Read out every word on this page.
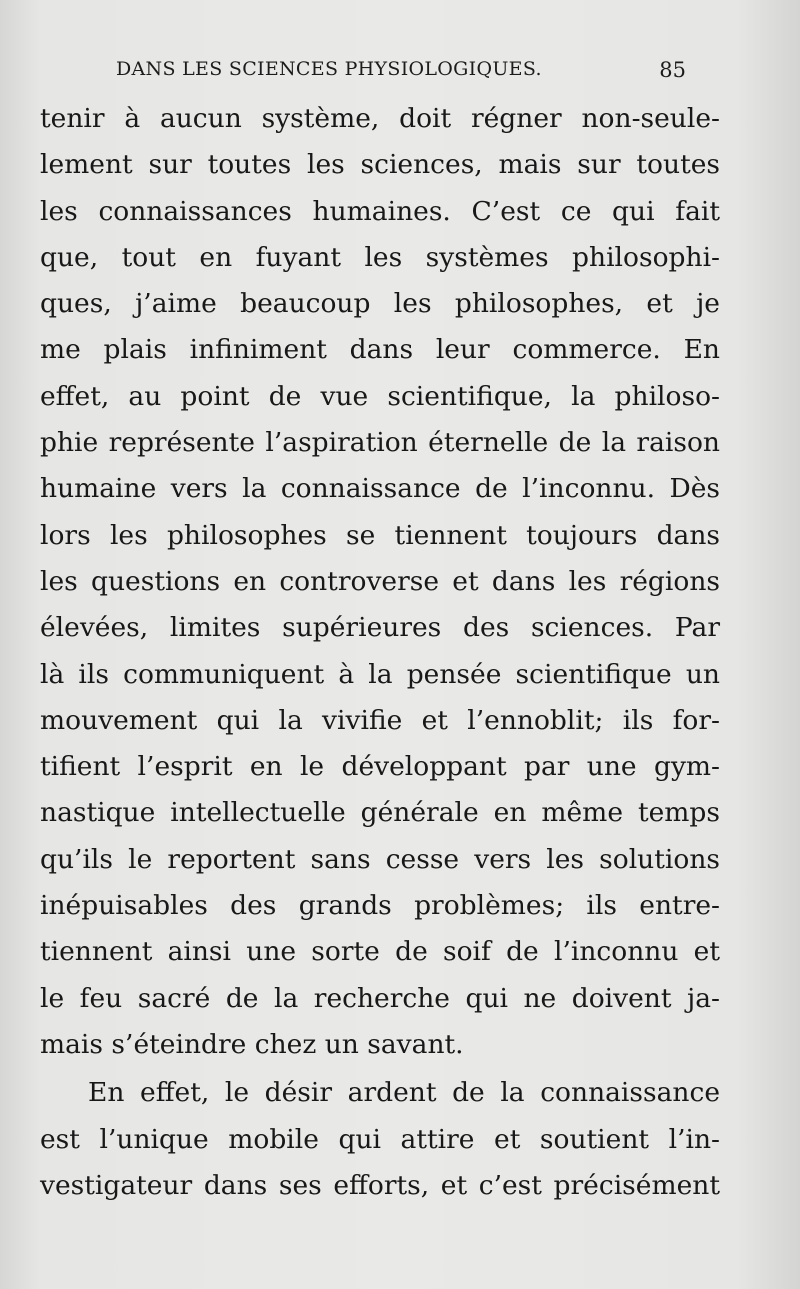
DANS LES SCIENCES PHYSIOLOGIQUES.	85
tenir à aucun système, doit régner non-seule-
lement sur toutes les sciences, mais sur toutes
les connaissances humaines. C’est ce qui fait
que, tout en fuyant les systèmes philosophi-
ques, j’aime beaucoup les philosophes, et je
me plais infiniment dans leur commerce. En
effet, au point de vue scientifique, la philoso-
phie représente l’aspiration éternelle de la raison
humaine vers la connaissance de l’inconnu. Dès
lors les philosophes se tiennent toujours dans
les questions en controverse et dans les régions
élevées, limites supérieures des sciences. Par
là ils communiquent à la pensée scientifique un
mouvement qui la vivifie et l’ennoblit; ils for-
tifient l’esprit en le développant par une gym-
nastique intellectuelle générale en même temps
qu’ils le reportent sans cesse vers les solutions
inépuisables des grands problèmes; ils entre-
tiennent ainsi une sorte de soif de l’inconnu et
le feu sacré de la recherche qui ne doivent ja-
mais s’éteindre chez un savant.
En effet, le désir ardent de la connaissance
est l’unique mobile qui attire et soutient l’in-
vestigateur dans ses efforts, et c’est précisément
